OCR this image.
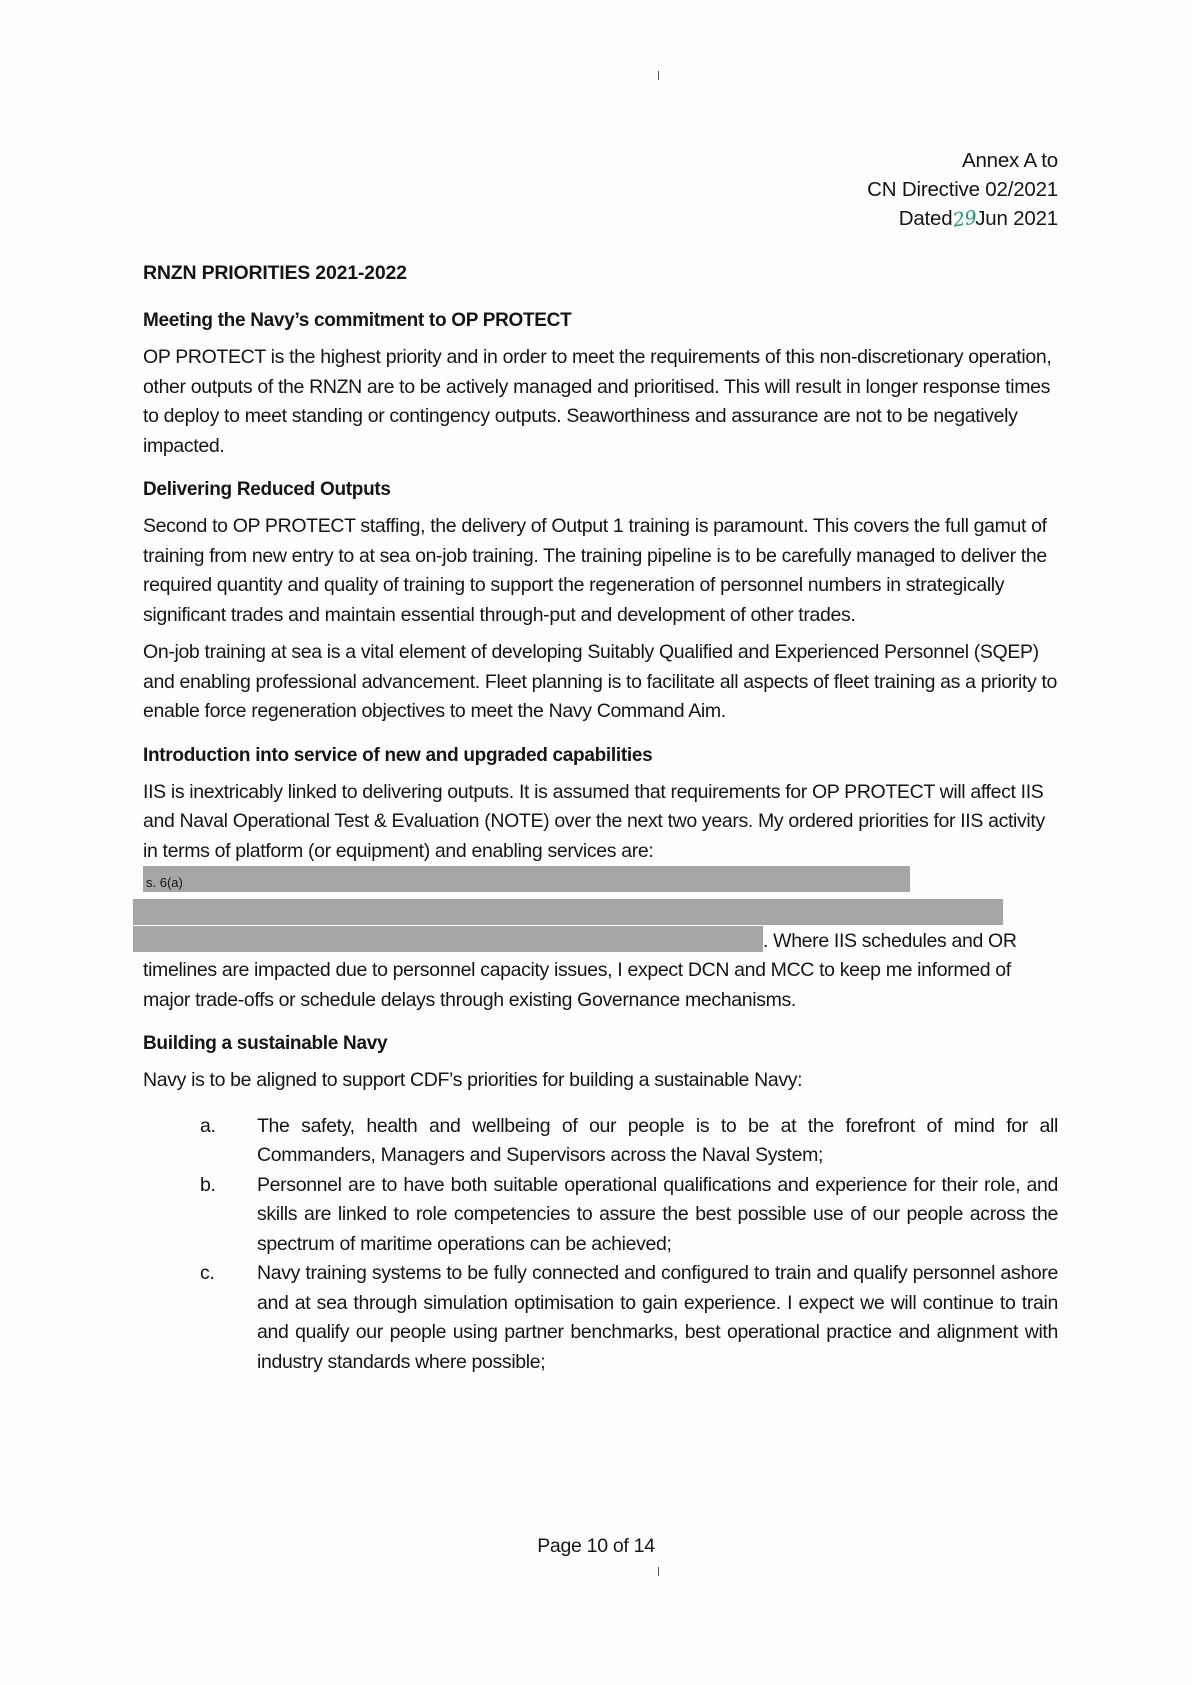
Annex A to
CN Directive 02/2021
Dated29Jun 2021
RNZN PRIORITIES 2021-2022
Meeting the Navy’s commitment to OP PROTECT

OP PROTECT is the highest priority and in order to meet the requirements of this non-discretionary operation, other outputs of the RNZN are to be actively managed and prioritised. This will result in longer response times to deploy to meet standing or contingency outputs. Seaworthiness and assurance are not to be negatively impacted.

Delivering Reduced Outputs

Second to OP PROTECT staffing, the delivery of Output 1 training is paramount. This covers the full gamut of training from new entry to at sea on-job training. The training pipeline is to be carefully managed to deliver the required quantity and quality of training to support the regeneration of personnel numbers in strategically significant trades and maintain essential through-put and development of other trades.

On-job training at sea is a vital element of developing Suitably Qualified and Experienced Personnel (SQEP) and enabling professional advancement. Fleet planning is to facilitate all aspects of fleet training as a priority to enable force regeneration objectives to meet the Navy Command Aim.

Introduction into service of new and upgraded capabilities

IIS is inextricably linked to delivering outputs. It is assumed that requirements for OP PROTECT will affect IIS and Naval Operational Test & Evaluation (NOTE) over the next two years. My ordered priorities for IIS activity in terms of platform (or equipment) and enabling services are:
s. 6(a)

. Where IIS schedules and OR timelines are impacted due to personnel capacity issues, I expect DCN and MCC to keep me informed of major trade-offs or schedule delays through existing Governance mechanisms.

Building a sustainable Navy

Navy is to be aligned to support CDF’s priorities for building a sustainable Navy:

a. The safety, health and wellbeing of our people is to be at the forefront of mind for all Commanders, Managers and Supervisors across the Naval System;
b. Personnel are to have both suitable operational qualifications and experience for their role, and skills are linked to role competencies to assure the best possible use of our people across the spectrum of maritime operations can be achieved;
c. Navy training systems to be fully connected and configured to train and qualify personnel ashore and at sea through simulation optimisation to gain experience. I expect we will continue to train and qualify our people using partner benchmarks, best operational practice and alignment with industry standards where possible;
Page 10 of 14
